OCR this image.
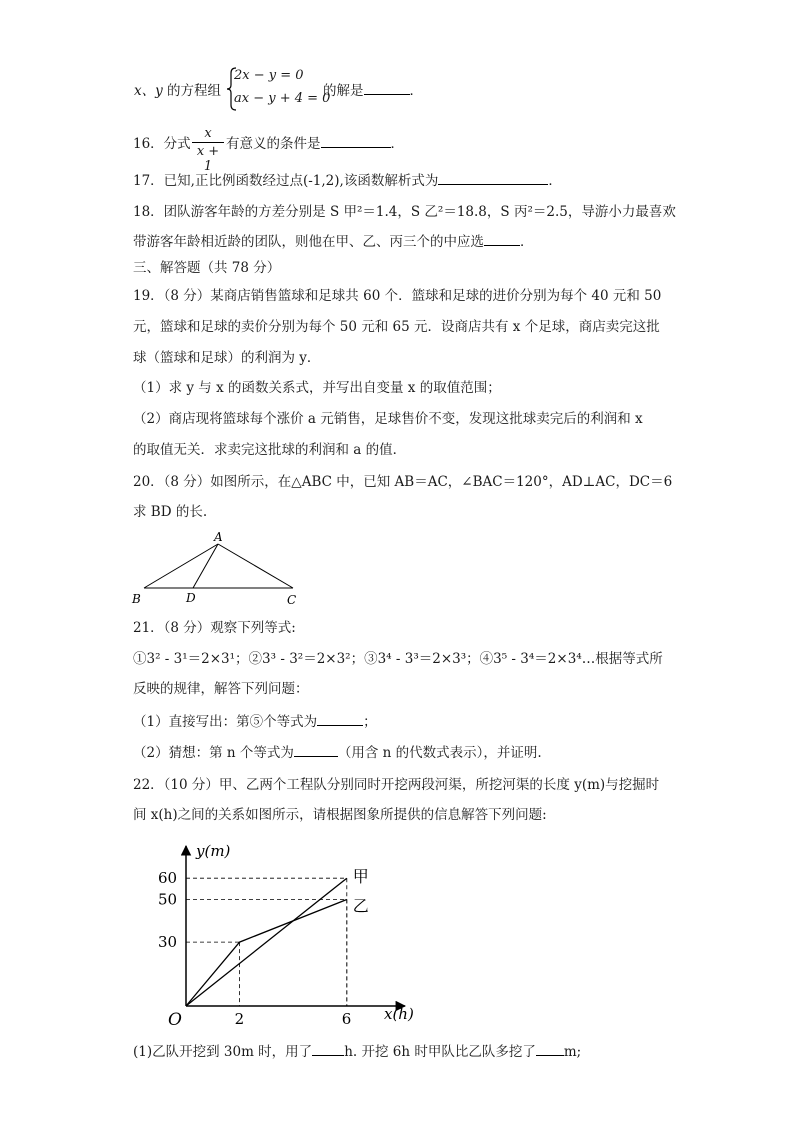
x、y 的方程组
2x − y = 0
ax − y + 4 = 0
的解是	．
16．分式
x
x + 1
有意义的条件是	．
17．已知,正比例函数经过点(-1,2),该函数解析式为	．
18．团队游客年龄的方差分别是 S 甲²＝1.4，S 乙²＝18.8，S 丙²＝2.5，导游小力最喜欢
带游客年龄相近龄的团队，则他在甲、乙、丙三个的中应选	．
三、解答题（共 78 分）
19．（8 分）某商店销售篮球和足球共 60 个．篮球和足球的进价分别为每个 40 元和 50
元，篮球和足球的卖价分别为每个 50 元和 65 元．设商店共有 x 个足球，商店卖完这批
球（篮球和足球）的利润为 y．
（1）求 y 与 x 的函数关系式，并写出自变量 x 的取值范围；
（2）商店现将篮球每个涨价 a 元销售，足球售价不变，发现这批球卖完后的利润和 x
的取值无关．求卖完这批球的利润和 a 的值．
20．（8 分）如图所示，在△ABC 中，已知 AB＝AC，∠BAC＝120°，AD⊥AC，DC＝6
求 BD 的长.
A
B	D	C
21．（8 分）观察下列等式:
①3² - 3¹＝2×3¹；②3³ - 3²＝2×3²；③3⁴ - 3³＝2×3³；④3⁵ - 3⁴＝2×3⁴…根据等式所
反映的规律，解答下列问题：
（1）直接写出：第⑤个等式为	；
（2）猜想：第 n 个等式为	（用含 n 的代数式表示），并证明.
22．（10 分）甲、乙两个工程队分别同时开挖两段河渠，所挖河渠的长度 y(m)与挖掘时
间 x(h)之间的关系如图所示，请根据图象所提供的信息解答下列问题:
甲
乙
y(m)
x(h)
O
30
50
60
2	6
(1)乙队开挖到 30m 时，用了 h. 开挖 6h 时甲队比乙队多挖了 m;
